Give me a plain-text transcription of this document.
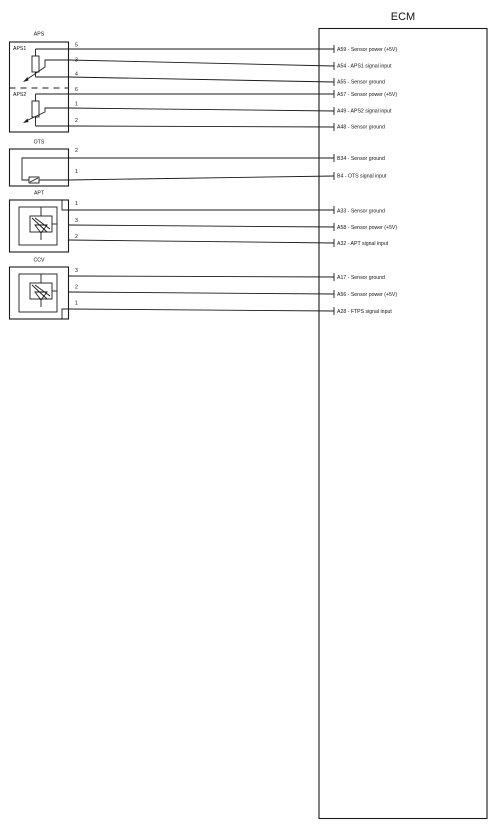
ECM
APS
APS1
APS2
5
A59 - Sensor power (+5V)
3
A54 - APS1 signal input
4
A55 - Sensor ground
6
A57 - Sensor power (+5V)
1
A49 - APS2 signal input
2
A48 - Sensor ground
OTS
2
B34 - Sensor ground
1
B4 - OTS signal input
APT
1
A33 - Sensor ground
3
A58 - Sensor power (+5V)
2
A32 - APT signal input
CCV
3
A17 - Sensor ground
2
A56 - Sensor power (+5V)
1
A28 - FTPS signal input
